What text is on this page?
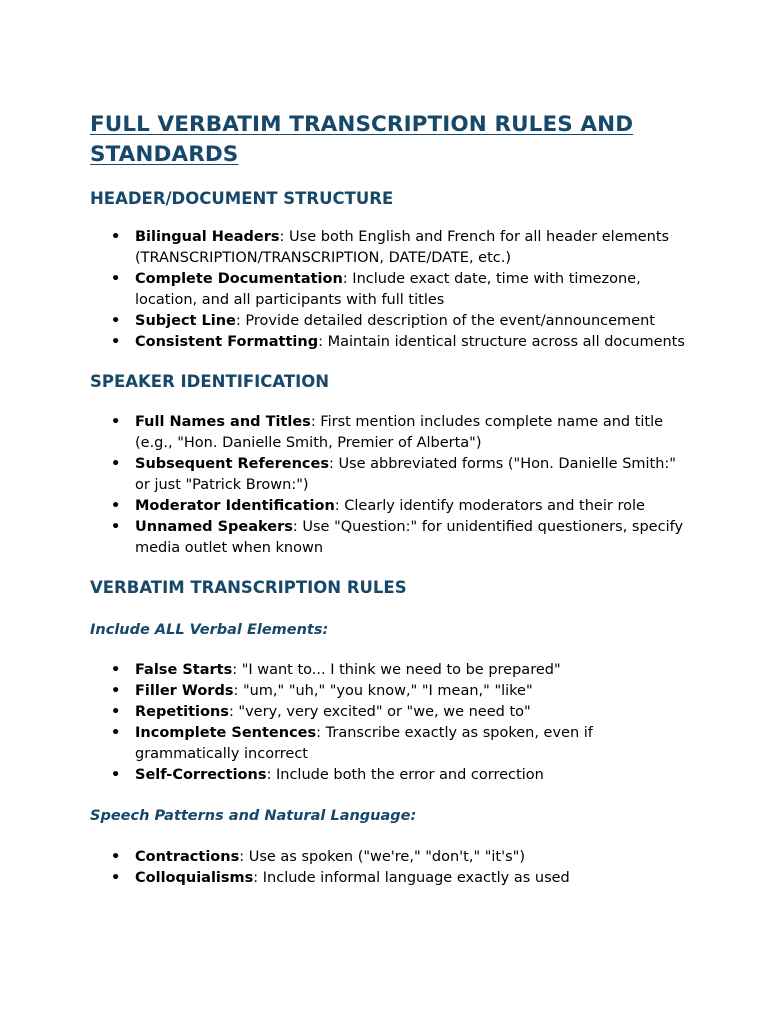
FULL VERBATIM TRANSCRIPTION RULES AND STANDARDS
HEADER/DOCUMENT STRUCTURE
• Bilingual Headers: Use both English and French for all header elements (TRANSCRIPTION/TRANSCRIPTION, DATE/DATE, etc.)
• Complete Documentation: Include exact date, time with timezone, location, and all participants with full titles
• Subject Line: Provide detailed description of the event/announcement
• Consistent Formatting: Maintain identical structure across all documents
SPEAKER IDENTIFICATION
• Full Names and Titles: First mention includes complete name and title (e.g., "Hon. Danielle Smith, Premier of Alberta")
• Subsequent References: Use abbreviated forms ("Hon. Danielle Smith:" or just "Patrick Brown:")
• Moderator Identification: Clearly identify moderators and their role
• Unnamed Speakers: Use "Question:" for unidentified questioners, specify media outlet when known
VERBATIM TRANSCRIPTION RULES
Include ALL Verbal Elements:
• False Starts: "I want to... I think we need to be prepared"
• Filler Words: "um," "uh," "you know," "I mean," "like"
• Repetitions: "very, very excited" or "we, we need to"
• Incomplete Sentences: Transcribe exactly as spoken, even if grammatically incorrect
• Self-Corrections: Include both the error and correction
Speech Patterns and Natural Language:
• Contractions: Use as spoken ("we're," "don't," "it's")
• Colloquialisms: Include informal language exactly as used
